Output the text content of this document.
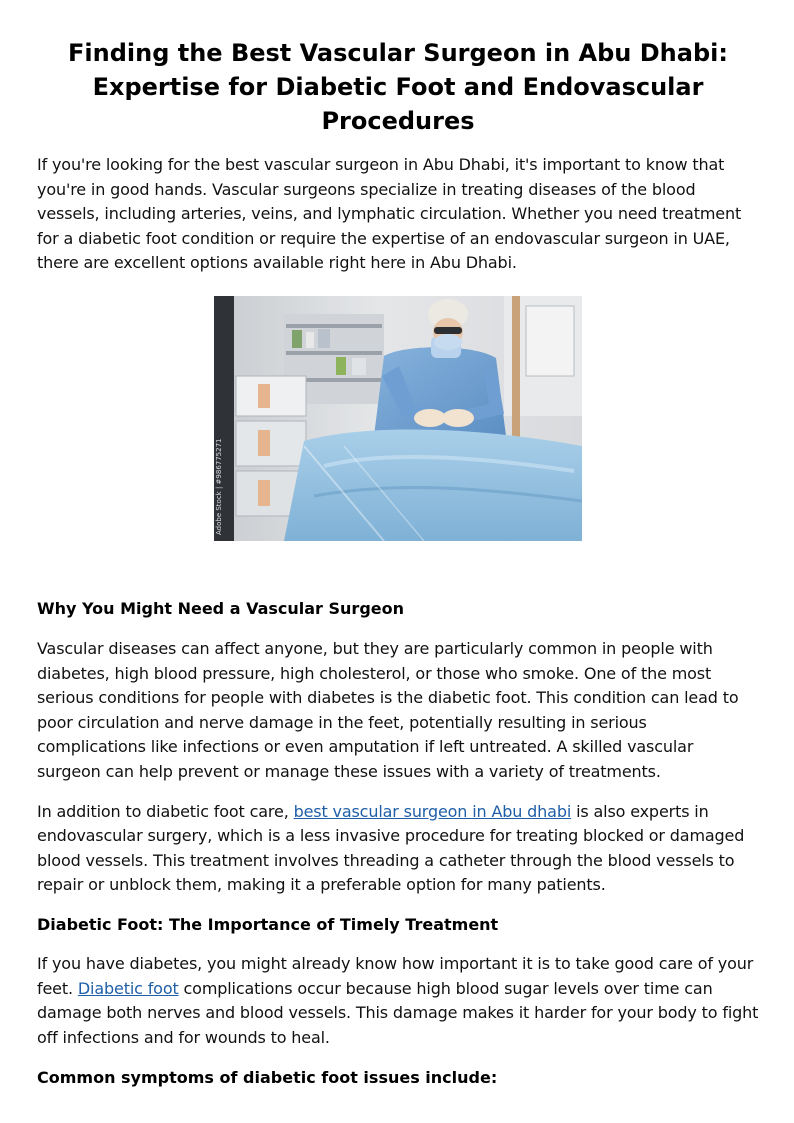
Finding the Best Vascular Surgeon in Abu Dhabi: Expertise for Diabetic Foot and Endovascular Procedures

If you're looking for the best vascular surgeon in Abu Dhabi, it's important to know that you're in good hands. Vascular surgeons specialize in treating diseases of the blood vessels, including arteries, veins, and lymphatic circulation. Whether you need treatment for a diabetic foot condition or require the expertise of an endovascular surgeon in UAE, there are excellent options available right here in Abu Dhabi.

Adobe Stock | #986775271
Why You Might Need a Vascular Surgeon

Vascular diseases can affect anyone, but they are particularly common in people with diabetes, high blood pressure, high cholesterol, or those who smoke. One of the most serious conditions for people with diabetes is the diabetic foot. This condition can lead to poor circulation and nerve damage in the feet, potentially resulting in serious complications like infections or even amputation if left untreated. A skilled vascular surgeon can help prevent or manage these issues with a variety of treatments.

In addition to diabetic foot care, best vascular surgeon in Abu dhabi is also experts in endovascular surgery, which is a less invasive procedure for treating blocked or damaged blood vessels. This treatment involves threading a catheter through the blood vessels to repair or unblock them, making it a preferable option for many patients.

Diabetic Foot: The Importance of Timely Treatment

If you have diabetes, you might already know how important it is to take good care of your feet. Diabetic foot complications occur because high blood sugar levels over time can damage both nerves and blood vessels. This damage makes it harder for your body to fight off infections and for wounds to heal.

Common symptoms of diabetic foot issues include:
